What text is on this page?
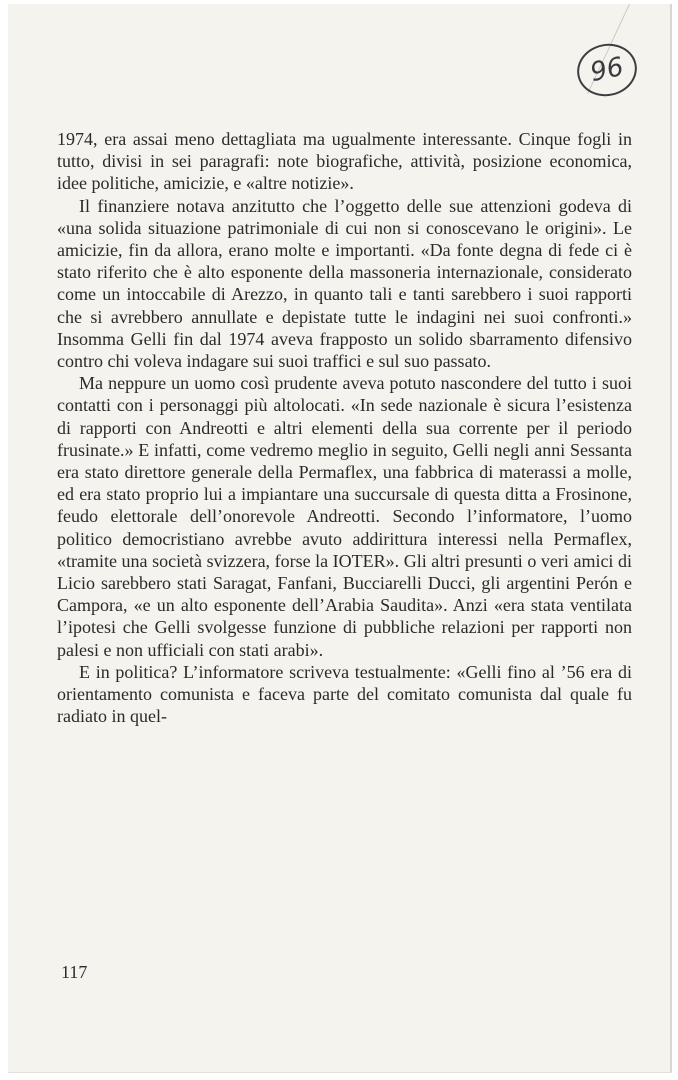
96

1974, era assai meno dettagliata ma ugualmente interessante. Cinque fogli in tutto, divisi in sei paragrafi: note biografiche, attività, posizione economica, idee politiche, amicizie, e «altre notizie».

Il finanziere notava anzitutto che l’oggetto delle sue attenzioni godeva di «una solida situazione patrimoniale di cui non si conoscevano le origini». Le amicizie, fin da allora, erano molte e importanti. «Da fonte degna di fede ci è stato riferito che è alto esponente della massoneria internazionale, considerato come un intoccabile di Arezzo, in quanto tali e tanti sarebbero i suoi rapporti che si avrebbero annullate e depistate tutte le indagini nei suoi confronti.» Insomma Gelli fin dal 1974 aveva frapposto un solido sbarramento difensivo contro chi voleva indagare sui suoi traffici e sul suo passato.

Ma neppure un uomo così prudente aveva potuto nascondere del tutto i suoi contatti con i personaggi più altolocati. «In sede nazionale è sicura l’esistenza di rapporti con Andreotti e altri elementi della sua corrente per il periodo frusinate.» E infatti, come vedremo meglio in seguito, Gelli negli anni Sessanta era stato direttore generale della Permaflex, una fabbrica di materassi a molle, ed era stato proprio lui a impiantare una succursale di questa ditta a Frosinone, feudo elettorale dell’onorevole Andreotti. Secondo l’informatore, l’uomo politico democristiano avrebbe avuto addirittura interessi nella Permaflex, «tramite una società svizzera, forse la IOTER». Gli altri presunti o veri amici di Licio sarebbero stati Saragat, Fanfani, Bucciarelli Ducci, gli argentini Perón e Campora, «e un alto esponente dell’Arabia Saudita». Anzi «era stata ventilata l’ipotesi che Gelli svolgesse funzione di pubbliche relazioni per rapporti non palesi e non ufficiali con stati arabi».

E in politica? L’informatore scriveva testualmente: «Gelli fino al ’56 era di orientamento comunista e faceva parte del comitato comunista dal quale fu radiato in quel-

117
